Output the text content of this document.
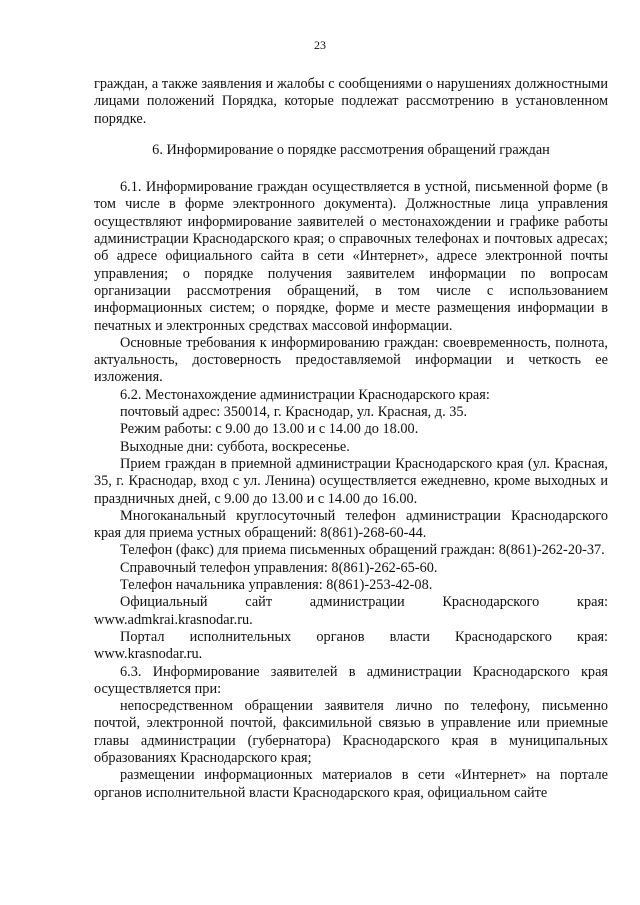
23

граждан, а также заявления и жалобы с сообщениями о нарушениях должностными лицами положений Порядка, которые подлежат рассмотрению в установленном порядке.

6. Информирование о порядке рассмотрения обращений граждан

6.1. Информирование граждан осуществляется в устной, письменной форме (в том числе в форме электронного документа). Должностные лица управления осуществляют информирование заявителей о местонахождении и графике работы администрации Краснодарского края; о справочных телефонах и почтовых адресах; об адресе официального сайта в сети «Интернет», адресе электронной почты управления; о порядке получения заявителем информации по вопросам организации рассмотрения обращений, в том числе с использованием информационных систем; о порядке, форме и месте размещения информации в печатных и электронных средствах массовой информации.

Основные требования к информированию граждан: своевременность, полнота, актуальность, достоверность предоставляемой информации и четкость ее изложения.

6.2. Местонахождение администрации Краснодарского края:

почтовый адрес: 350014, г. Краснодар, ул. Красная, д. 35.

Режим работы: с 9.00 до 13.00 и с 14.00 до 18.00.

Выходные дни: суббота, воскресенье.

Прием граждан в приемной администрации Краснодарского края (ул. Красная, 35, г. Краснодар, вход с ул. Ленина) осуществляется ежедневно, кроме выходных и праздничных дней, с 9.00 до 13.00 и с 14.00 до 16.00.

Многоканальный круглосуточный телефон администрации Краснодарского края для приема устных обращений: 8(861)-268-60-44.

Телефон (факс) для приема письменных обращений граждан: 8(861)-262-20-37.

Справочный телефон управления: 8(861)-262-65-60.

Телефон начальника управления: 8(861)-253-42-08.

Официальный сайт администрации Краснодарского края: www.admkrai.krasnodar.ru.

Портал исполнительных органов власти Краснодарского края: www.krasnodar.ru.

6.3. Информирование заявителей в администрации Краснодарского края осуществляется при:

непосредственном обращении заявителя лично по телефону, письменно почтой, электронной почтой, факсимильной связью в управление или приемные главы администрации (губернатора) Краснодарского края в муниципальных образованиях Краснодарского края;

размещении информационных материалов в сети «Интернет» на портале органов исполнительной власти Краснодарского края, официальном сайте
